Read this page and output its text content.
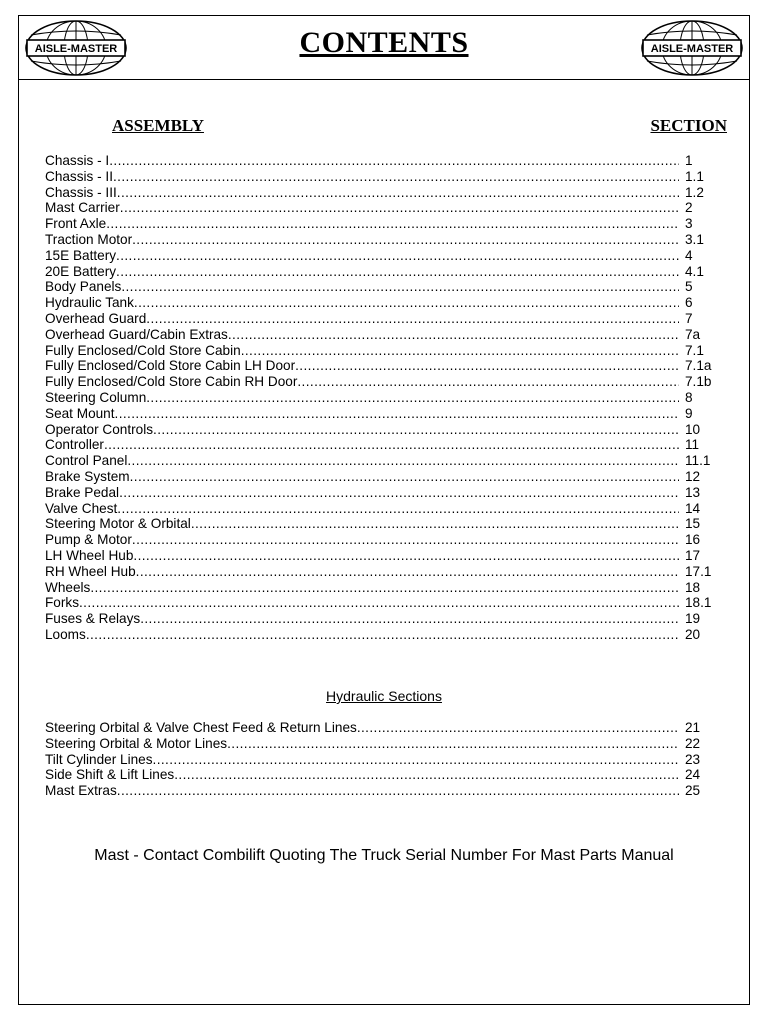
AISLE-MASTER	CONTENTS	AISLE-MASTER
ASSEMBLY	SECTION
Chassis - I .....	1
Chassis - II .....	1.1
Chassis - III .....	1.2
Mast Carrier .....	2
Front Axle .....	3
Traction Motor .....	3.1
15E Battery .....	4
20E Battery .....	4.1
Body Panels .....	5
Hydraulic Tank .....	6
Overhead Guard .....	7
Overhead Guard/Cabin Extras .....	7a
Fully Enclosed/Cold Store Cabin .....	7.1
Fully Enclosed/Cold Store Cabin LH Door .....	7.1a
Fully Enclosed/Cold Store Cabin RH Door .....	7.1b
Steering Column .....	8
Seat Mount .....	9
Operator Controls .....	10
Controller .....	11
Control Panel .....	11.1
Brake System .....	12
Brake Pedal .....	13
Valve Chest .....	14
Steering Motor & Orbital .....	15
Pump & Motor .....	16
LH Wheel Hub .....	17
RH Wheel Hub .....	17.1
Wheels .....	18
Forks .....	18.1
Fuses & Relays .....	19
Looms .....	20
Hydraulic Sections
Steering Orbital & Valve Chest Feed & Return Lines .....	21
Steering Orbital & Motor Lines .....	22
Tilt Cylinder Lines .....	23
Side Shift & Lift Lines .....	24
Mast Extras .....	25
Mast - Contact Combilift Quoting The Truck Serial Number For Mast Parts Manual
